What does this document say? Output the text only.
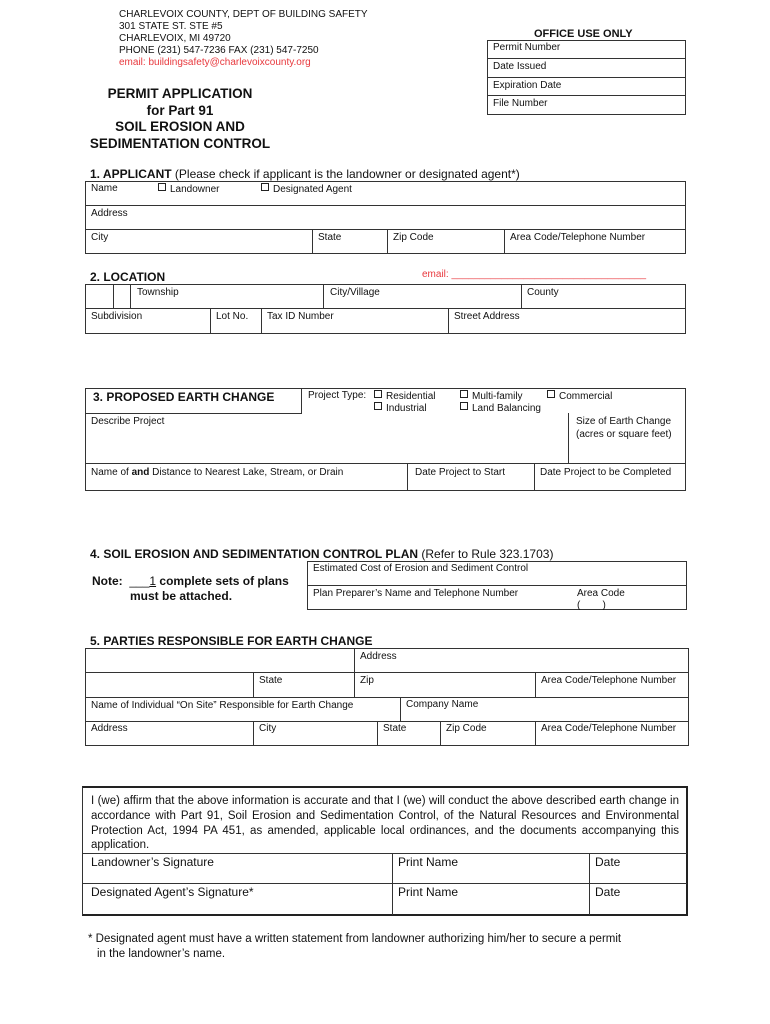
CHARLEVOIX COUNTY, DEPT OF BUILDING SAFETY
301 STATE ST. STE #5
CHARLEVOIX, MI 49720
PHONE (231) 547-7236 FAX (231) 547-7250
email: buildingsafety@charlevoixcounty.org
OFFICE USE ONLY
Permit Number
Date Issued
Expiration Date
File Number
PERMIT APPLICATION
for Part 91
SOIL EROSION AND
SEDIMENTATION CONTROL
1. APPLICANT (Please check if applicant is the landowner or designated agent*)
Name	Landowner	Designated Agent
Address
City	State	Zip Code	Area Code/Telephone Number
email: ___________________________________
2. LOCATION
Township	City/Village	County
Subdivision	Lot No. Tax ID Number	Street Address
3. PROPOSED EARTH CHANGE	Project Type:	Residential	Multi-family	Commercial
Industrial	Land Balancing
Describe Project	Size of Earth Change
(acres or square feet)
Name of and Distance to Nearest Lake, Stream, or Drain	Date Project to Start	Date Project to be Completed
4. SOIL EROSION AND SEDIMENTATION CONTROL PLAN (Refer to Rule 323.1703)
Estimated Cost of Erosion and Sediment Control
Plan Preparer’s Name and Telephone Number	Area Code
(        )
Note: ___1 complete sets of plans
must be attached.
5. PARTIES RESPONSIBLE FOR EARTH CHANGE
Address
State	Zip	Area Code/Telephone Number
Name of Individual “On Site” Responsible for Earth Change	Company Name
Address	City	State	Zip Code	Area Code/Telephone Number
I (we) affirm that the above information is accurate and that I (we) will conduct the above described earth change in accordance with Part 91, Soil Erosion and Sedimentation Control, of the Natural Resources and Environmental Protection Act, 1994 PA 451, as amended, applicable local ordinances, and the documents accompanying this application.
Landowner’s Signature	Print Name	Date
Designated Agent’s Signature*	Print Name	Date
* Designated agent must have a written statement from landowner authorizing him/her to secure a permit
in the landowner’s name.
